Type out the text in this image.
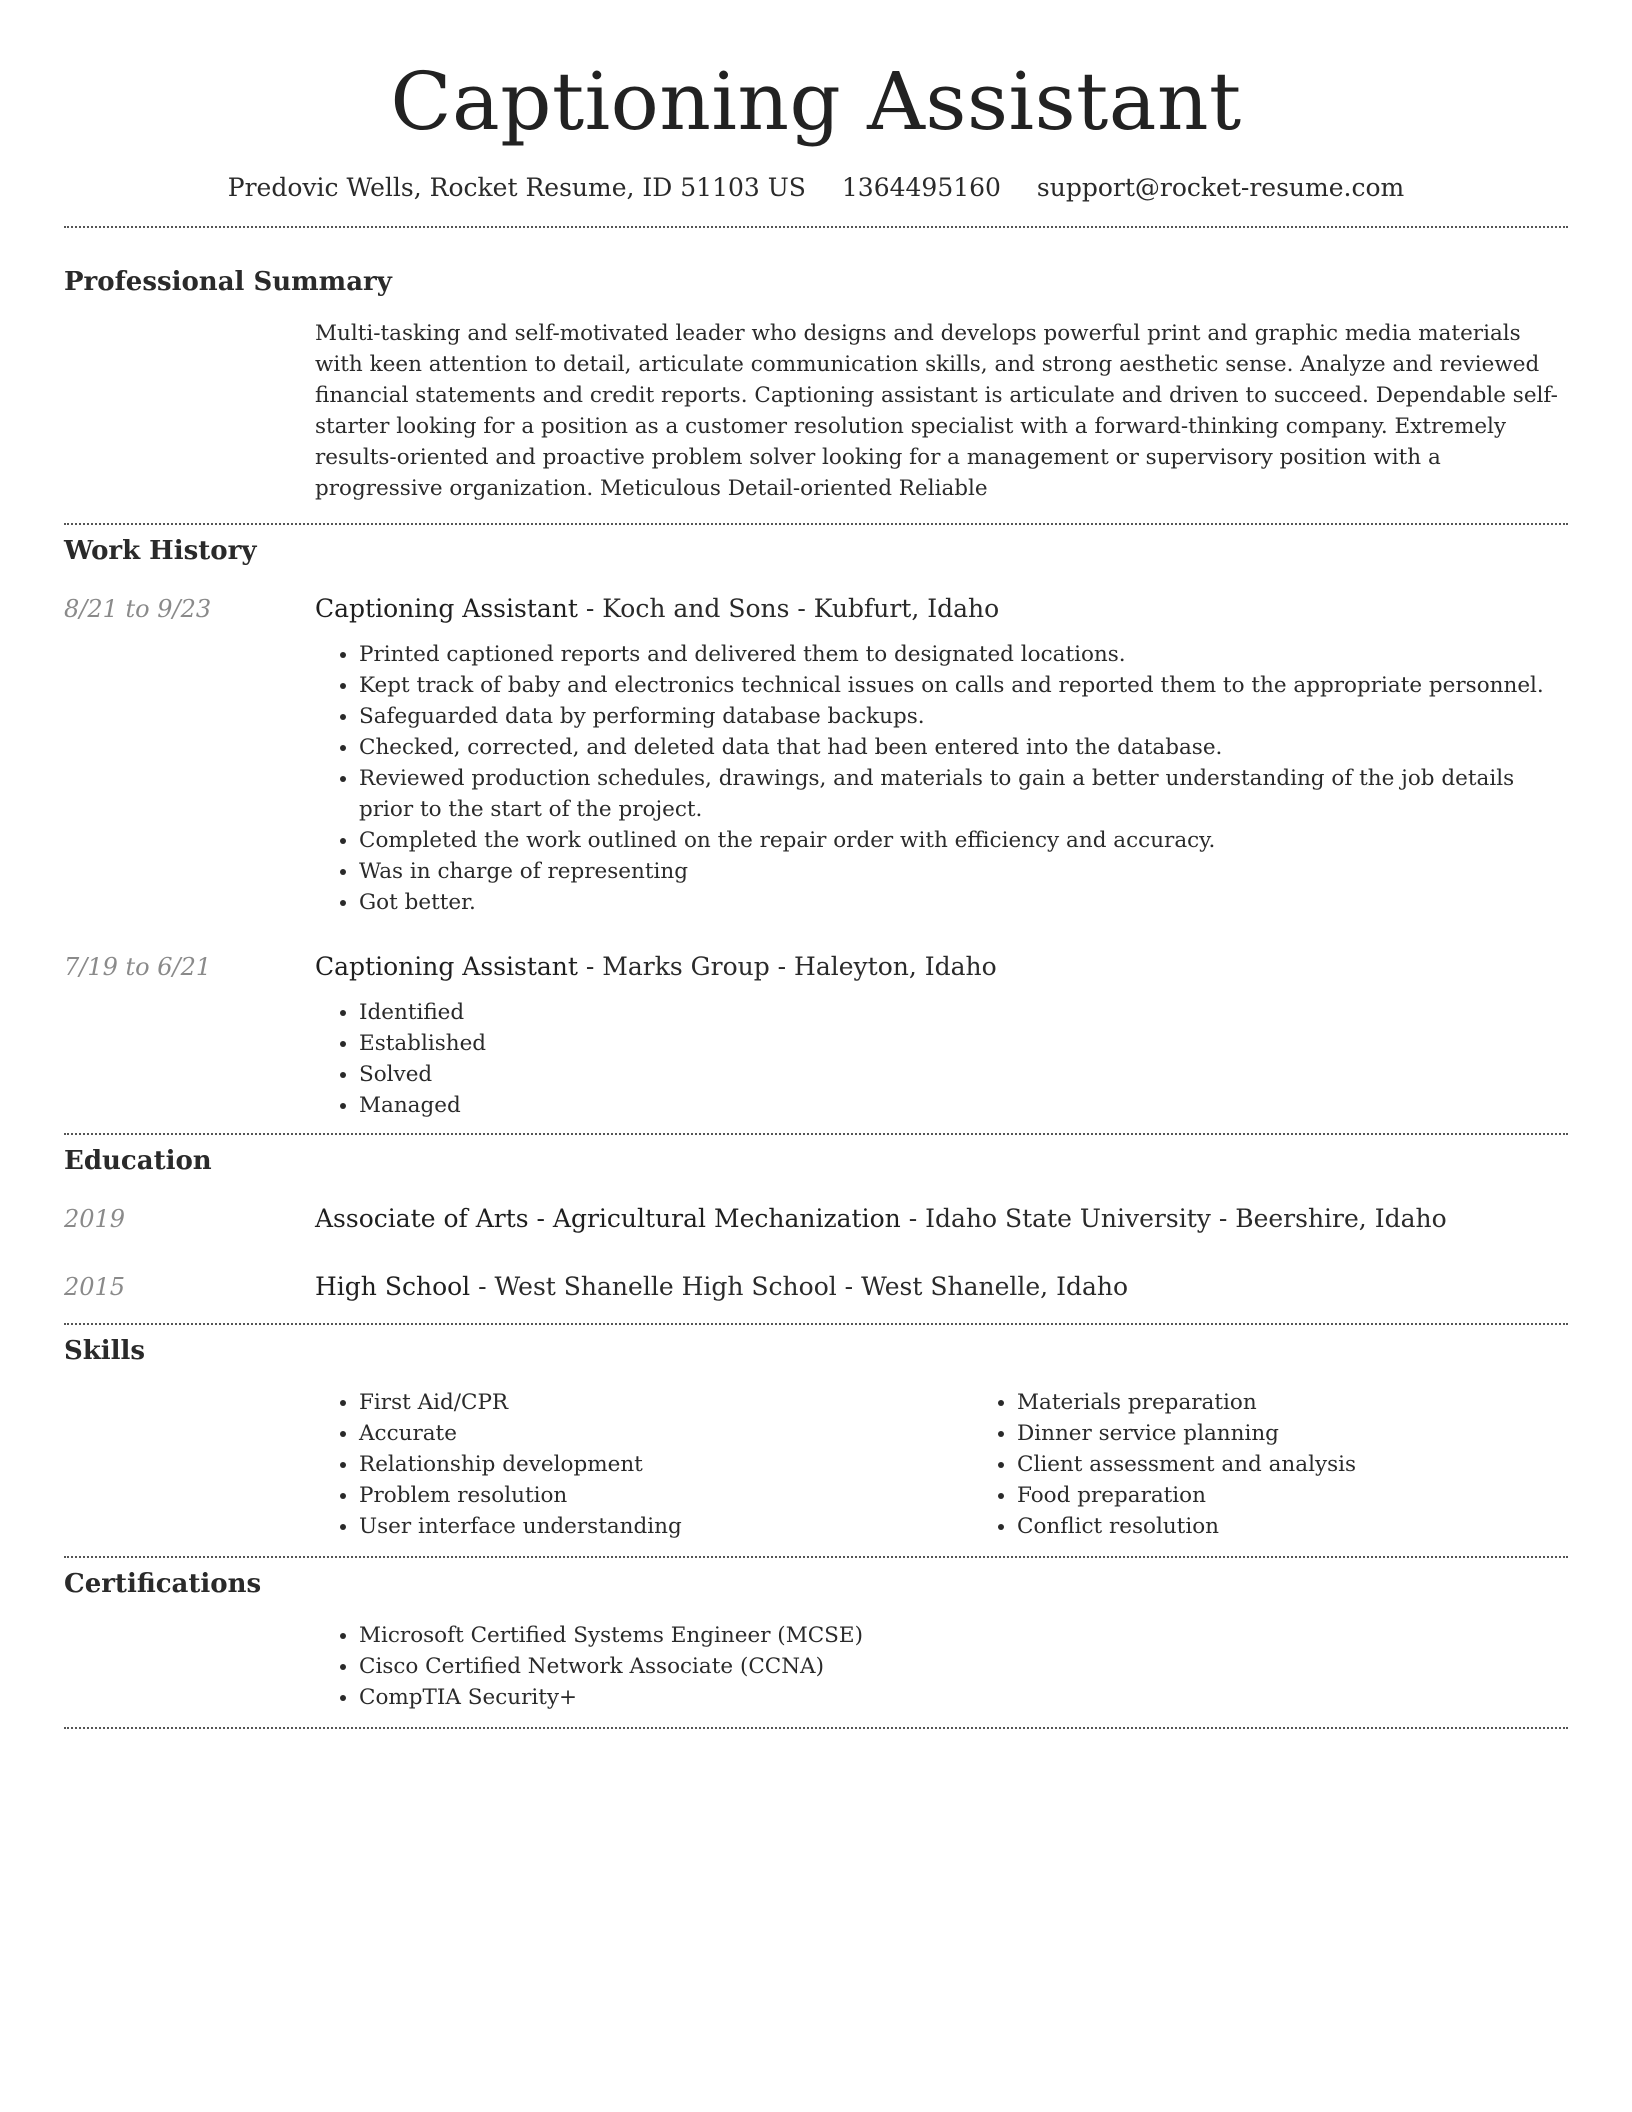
Captioning Assistant
Predovic Wells, Rocket Resume, ID 51103 US 1364495160 support@rocket-resume.com
Professional Summary

Multi-tasking and self-motivated leader who designs and develops powerful print and graphic media materials with keen attention to detail, articulate communication skills, and strong aesthetic sense. Analyze and reviewed financial statements and credit reports. Captioning assistant is articulate and driven to succeed. Dependable self-starter looking for a position as a customer resolution specialist with a forward-thinking company. Extremely results-oriented and proactive problem solver looking for a management or supervisory position with a progressive organization. Meticulous Detail-oriented Reliable

Work History
8/21 to 9/23	Captioning Assistant - Koch and Sons - Kubfurt, Idaho
• Printed captioned reports and delivered them to designated locations.
• Kept track of baby and electronics technical issues on calls and reported them to the appropriate personnel.
• Safeguarded data by performing database backups.
• Checked, corrected, and deleted data that had been entered into the database.
• Reviewed production schedules, drawings, and materials to gain a better understanding of the job details prior to the start of the project.
• Completed the work outlined on the repair order with efficiency and accuracy.
• Was in charge of representing
• Got better.
7/19 to 6/21	Captioning Assistant - Marks Group - Haleyton, Idaho
• Identified
• Established
• Solved
• Managed
Education
2019	Associate of Arts - Agricultural Mechanization - Idaho State University - Beershire, Idaho
2015	High School - West Shanelle High School - West Shanelle, Idaho
Skills
• First Aid/CPR
• Accurate
• Relationship development
• Problem resolution
• User interface understanding
• Materials preparation
• Dinner service planning
• Client assessment and analysis
• Food preparation
• Conflict resolution
Certifications
• Microsoft Certified Systems Engineer (MCSE)
• Cisco Certified Network Associate (CCNA)
• CompTIA Security+
